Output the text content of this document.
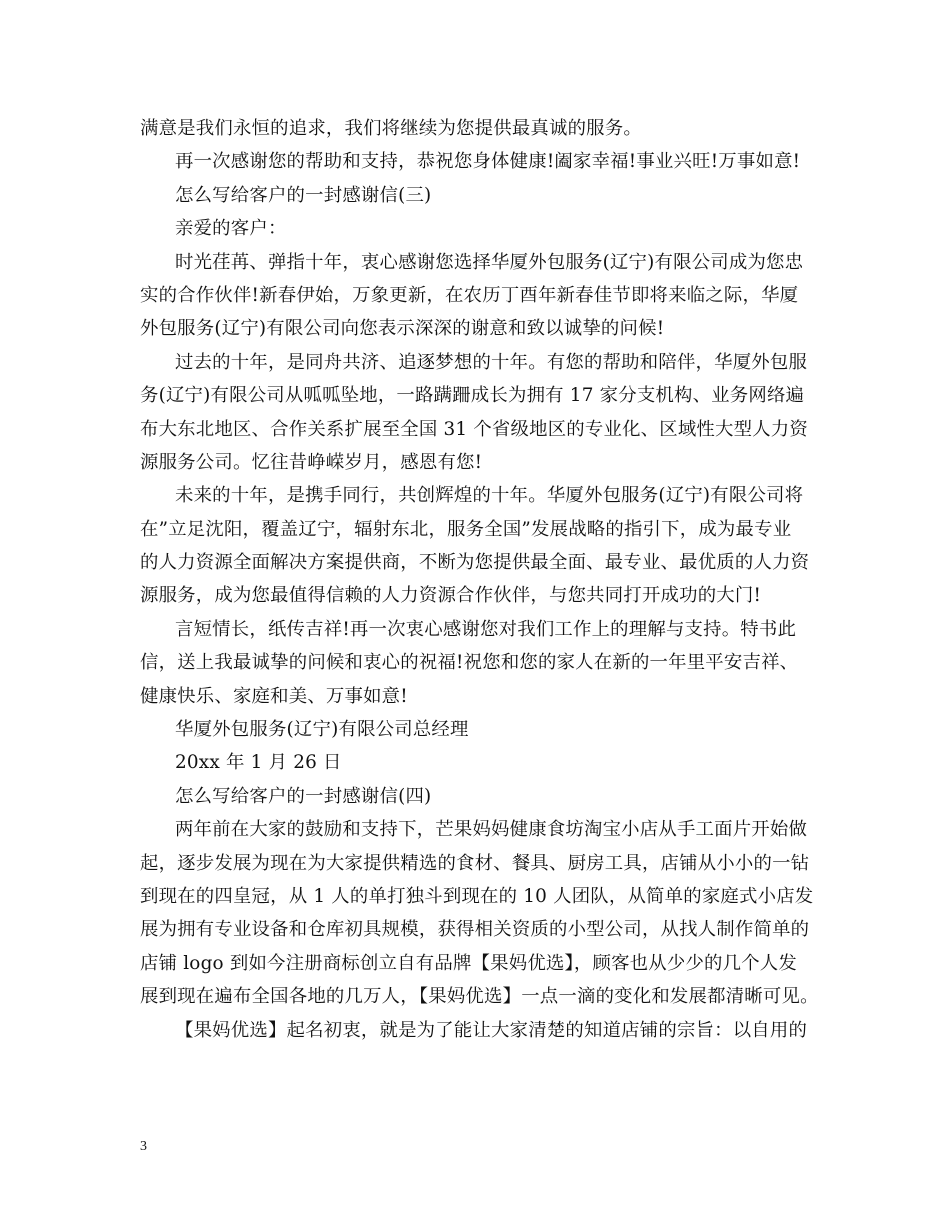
满意是我们永恒的追求，我们将继续为您提供最真诚的服务。
再一次感谢您的帮助和支持，恭祝您身体健康!阖家幸福!事业兴旺!万事如意!
怎么写给客户的一封感谢信(三)
亲爱的客户：
时光荏苒、弹指十年，衷心感谢您选择华厦外包服务(辽宁)有限公司成为您忠
实的合作伙伴!新春伊始，万象更新，在农历丁酉年新春佳节即将来临之际，华厦
外包服务(辽宁)有限公司向您表示深深的谢意和致以诚挚的问候!
过去的十年，是同舟共济、追逐梦想的十年。有您的帮助和陪伴，华厦外包服
务(辽宁)有限公司从呱呱坠地，一路蹒跚成长为拥有 17 家分支机构、业务网络遍
布大东北地区、合作关系扩展至全国 31 个省级地区的专业化、区域性大型人力资
源服务公司。忆往昔峥嵘岁月，感恩有您!
未来的十年，是携手同行，共创辉煌的十年。华厦外包服务(辽宁)有限公司将
在”立足沈阳，覆盖辽宁，辐射东北，服务全国”发展战略的指引下，成为最专业
的人力资源全面解决方案提供商，不断为您提供最全面、最专业、最优质的人力资
源服务，成为您最值得信赖的人力资源合作伙伴，与您共同打开成功的大门!
言短情长，纸传吉祥!再一次衷心感谢您对我们工作上的理解与支持。特书此
信，送上我最诚挚的问候和衷心的祝福!祝您和您的家人在新的一年里平安吉祥、
健康快乐、家庭和美、万事如意!
华厦外包服务(辽宁)有限公司总经理
20xx 年 1 月 26 日
怎么写给客户的一封感谢信(四)
两年前在大家的鼓励和支持下，芒果妈妈健康食坊淘宝小店从手工面片开始做
起，逐步发展为现在为大家提供精选的食材、餐具、厨房工具，店铺从小小的一钻
到现在的四皇冠，从 1 人的单打独斗到现在的 10 人团队，从简单的家庭式小店发
展为拥有专业设备和仓库初具规模，获得相关资质的小型公司，从找人制作简单的
店铺 logo 到如今注册商标创立自有品牌【果妈优选】，顾客也从少少的几个人发
展到现在遍布全国各地的几万人，【果妈优选】一点一滴的变化和发展都清晰可见。
【果妈优选】起名初衷，就是为了能让大家清楚的知道店铺的宗旨：以自用的
3
